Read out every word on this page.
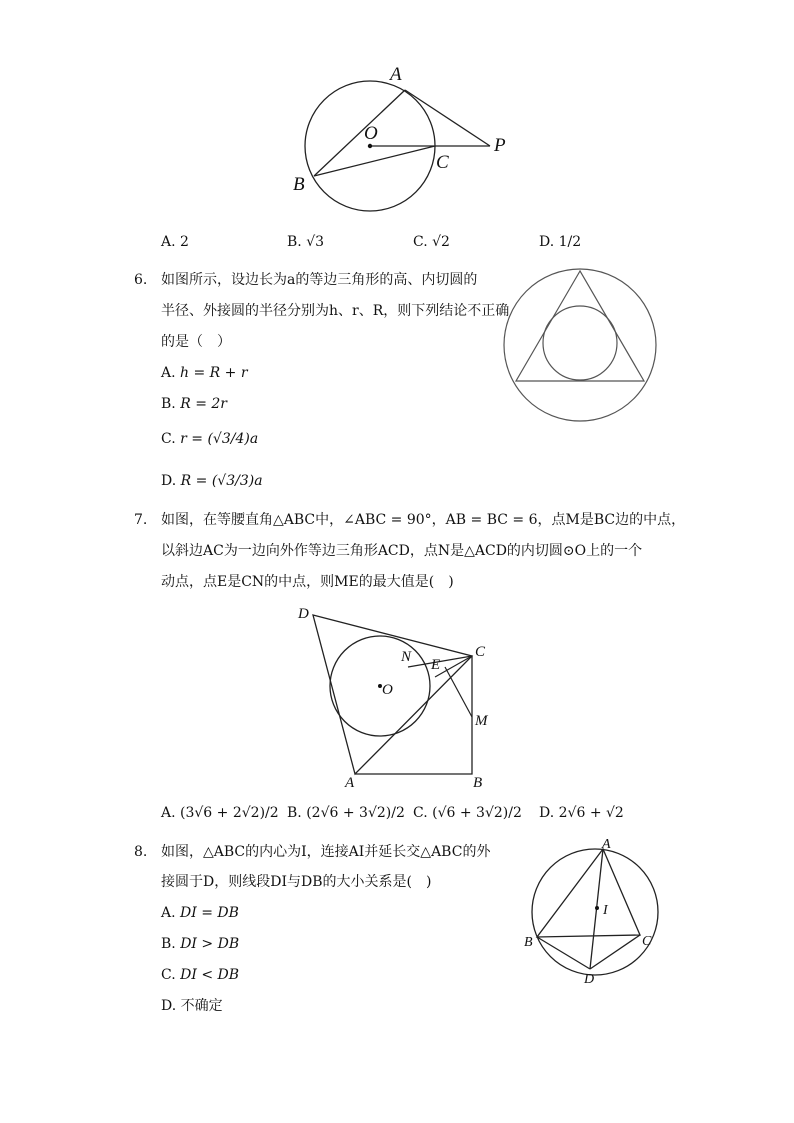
A
O
P
B
C
A. 2	B. √3	C. √2	D. 1/2
6. 如图所示，设边长为a的等边三角形的高、内切圆的
半径、外接圆的半径分别为h、r、R，则下列结论不正确
的是（　）
A. h = R + r
B. R = 2r
C. r = (√3/4)a
D. R = (√3/3)a
7. 如图，在等腰直角△ABC中，∠ABC = 90°，AB = BC = 6，点M是BC边的中点，
以斜边AC为一边向外作等边三角形ACD，点N是△ACD的内切圆⊙O上的一个
动点，点E是CN的中点，则ME的最大值是(　)
D
C
N E
O
M
A	B
A. (3√6 + 2√2)/2 B. (2√6 + 3√2)/2 C. (√6 + 3√2)/2 D. 2√6 + √2
8. 如图，△ABC的内心为I，连接AI并延长交△ABC的外
接圆于D，则线段DI与DB的大小关系是(　)
A. DI = DB
B. DI > DB
C. DI < DB
D. 不确定
A
I
B	C
D
